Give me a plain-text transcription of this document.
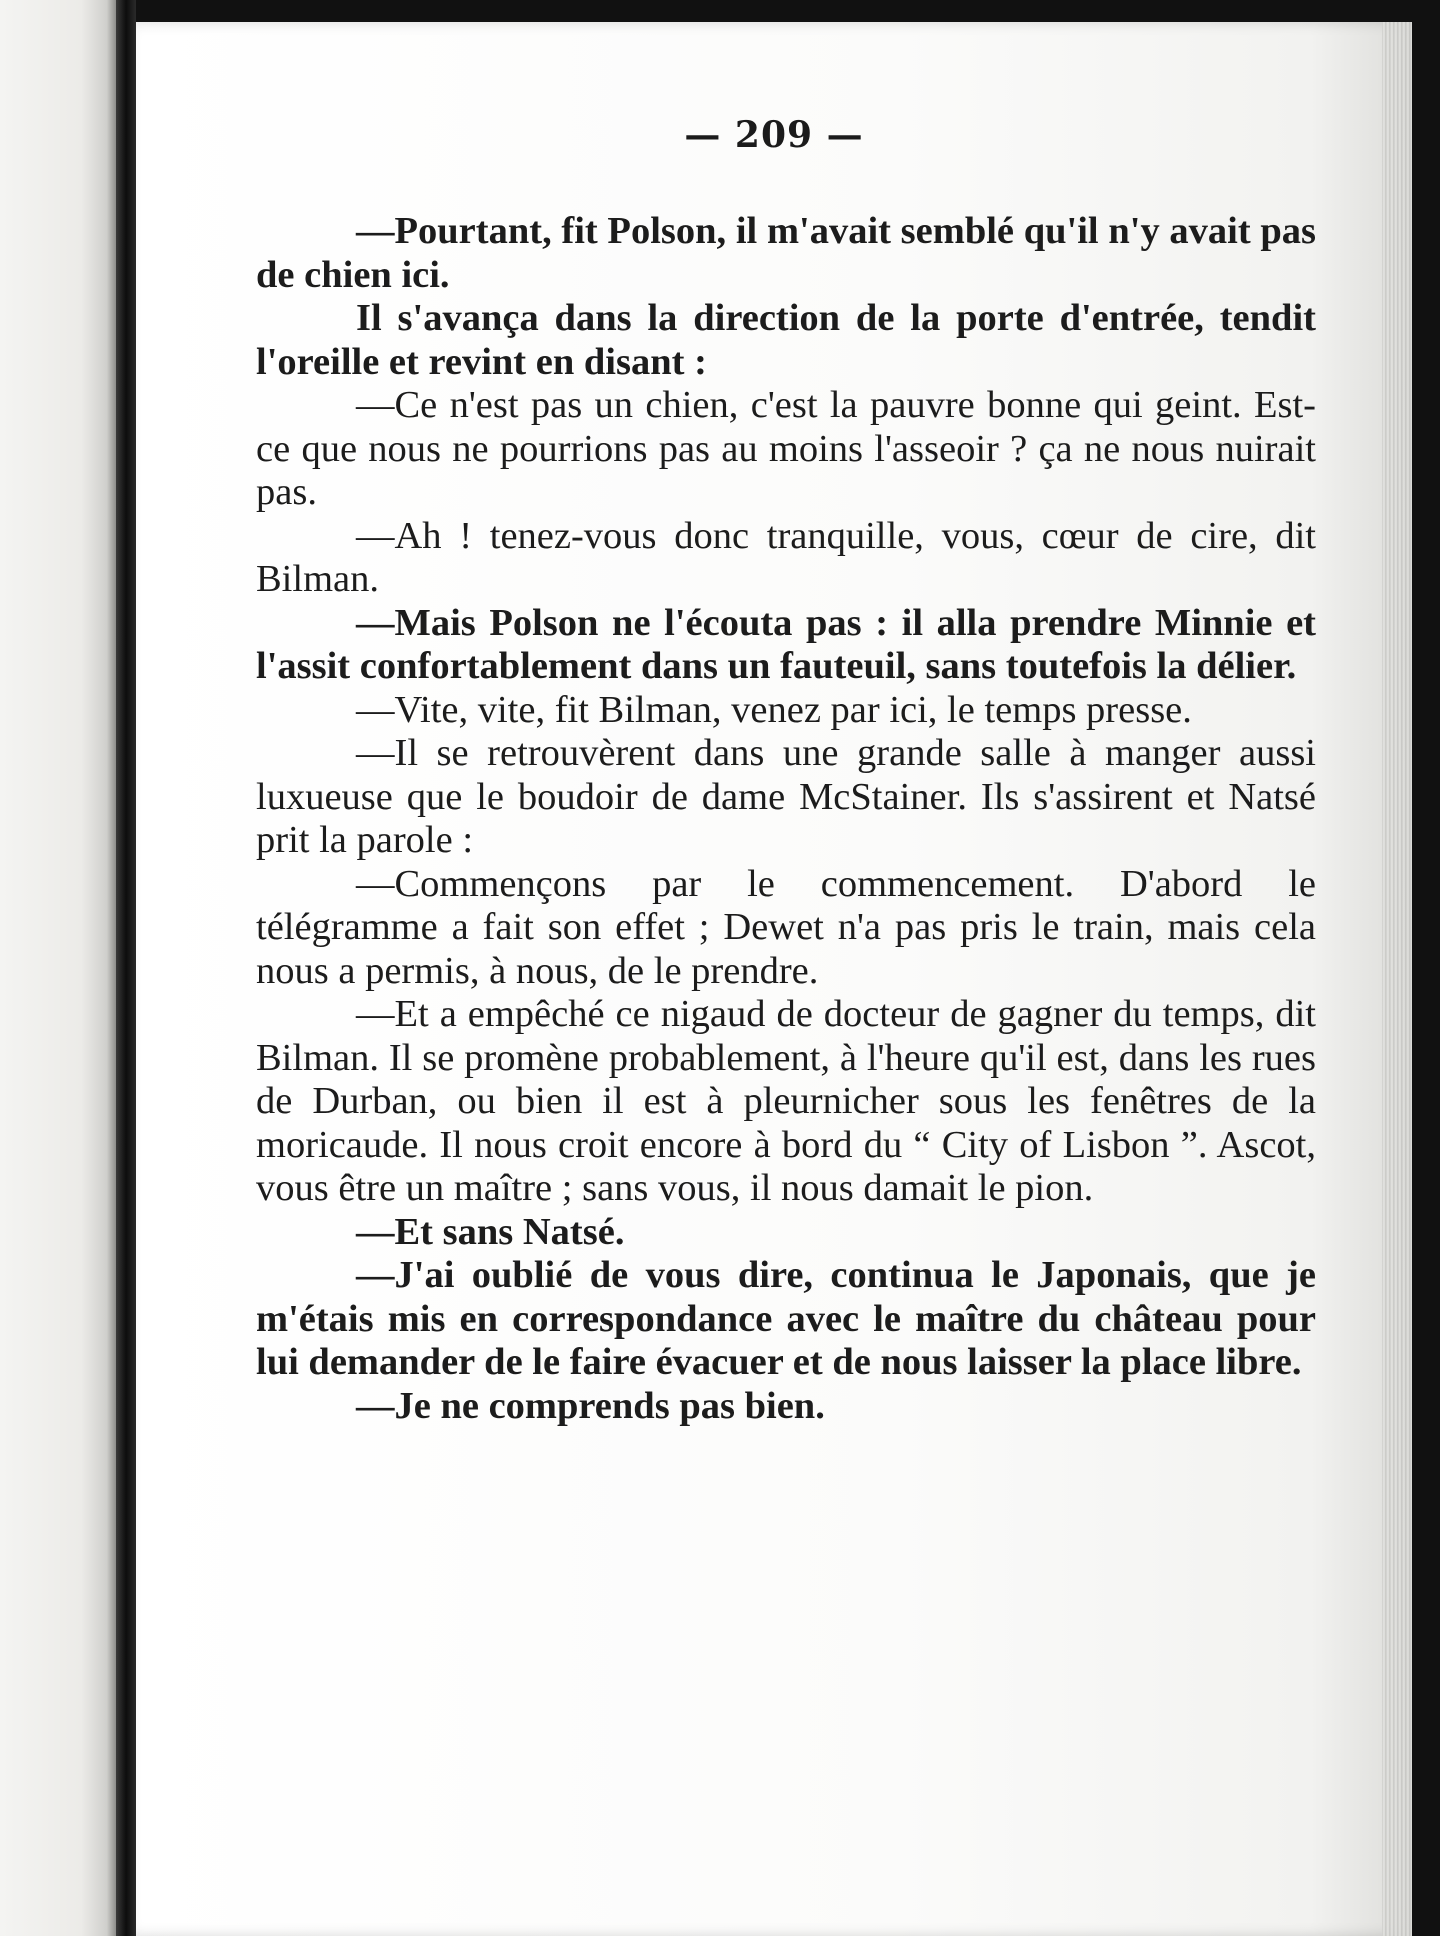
— 209 —

—Pourtant, fit Polson, il m'avait semblé qu'il n'y avait pas de chien ici.

Il s'avança dans la direction de la porte d'entrée, tendit l'oreille et revint en disant :

—Ce n'est pas un chien, c'est la pauvre bonne qui geint. Est-ce que nous ne pourrions pas au moins l'asseoir ? ça ne nous nuirait pas.

—Ah ! tenez-vous donc tranquille, vous, cœur de cire, dit Bilman.

—Mais Polson ne l'écouta pas : il alla prendre Minnie et l'assit confortablement dans un fauteuil, sans toutefois la délier.

—Vite, vite, fit Bilman, venez par ici, le temps presse.

—Il se retrouvèrent dans une grande salle à manger aussi luxueuse que le boudoir de dame McStainer. Ils s'assirent et Natsé prit la parole :

—Commençons par le commencement. D'abord le télégramme a fait son effet ; Dewet n'a pas pris le train, mais cela nous a permis, à nous, de le prendre.

—Et a empêché ce nigaud de docteur de gagner du temps, dit Bilman. Il se promène probablement, à l'heure qu'il est, dans les rues de Durban, ou bien il est à pleurnicher sous les fenêtres de la moricaude. Il nous croit encore à bord du “ City of Lisbon ”. Ascot, vous être un maître ; sans vous, il nous damait le pion.

—Et sans Natsé.

—J'ai oublié de vous dire, continua le Japonais, que je m'étais mis en correspondance avec le maître du château pour lui demander de le faire évacuer et de nous laisser la place libre.

—Je ne comprends pas bien.
